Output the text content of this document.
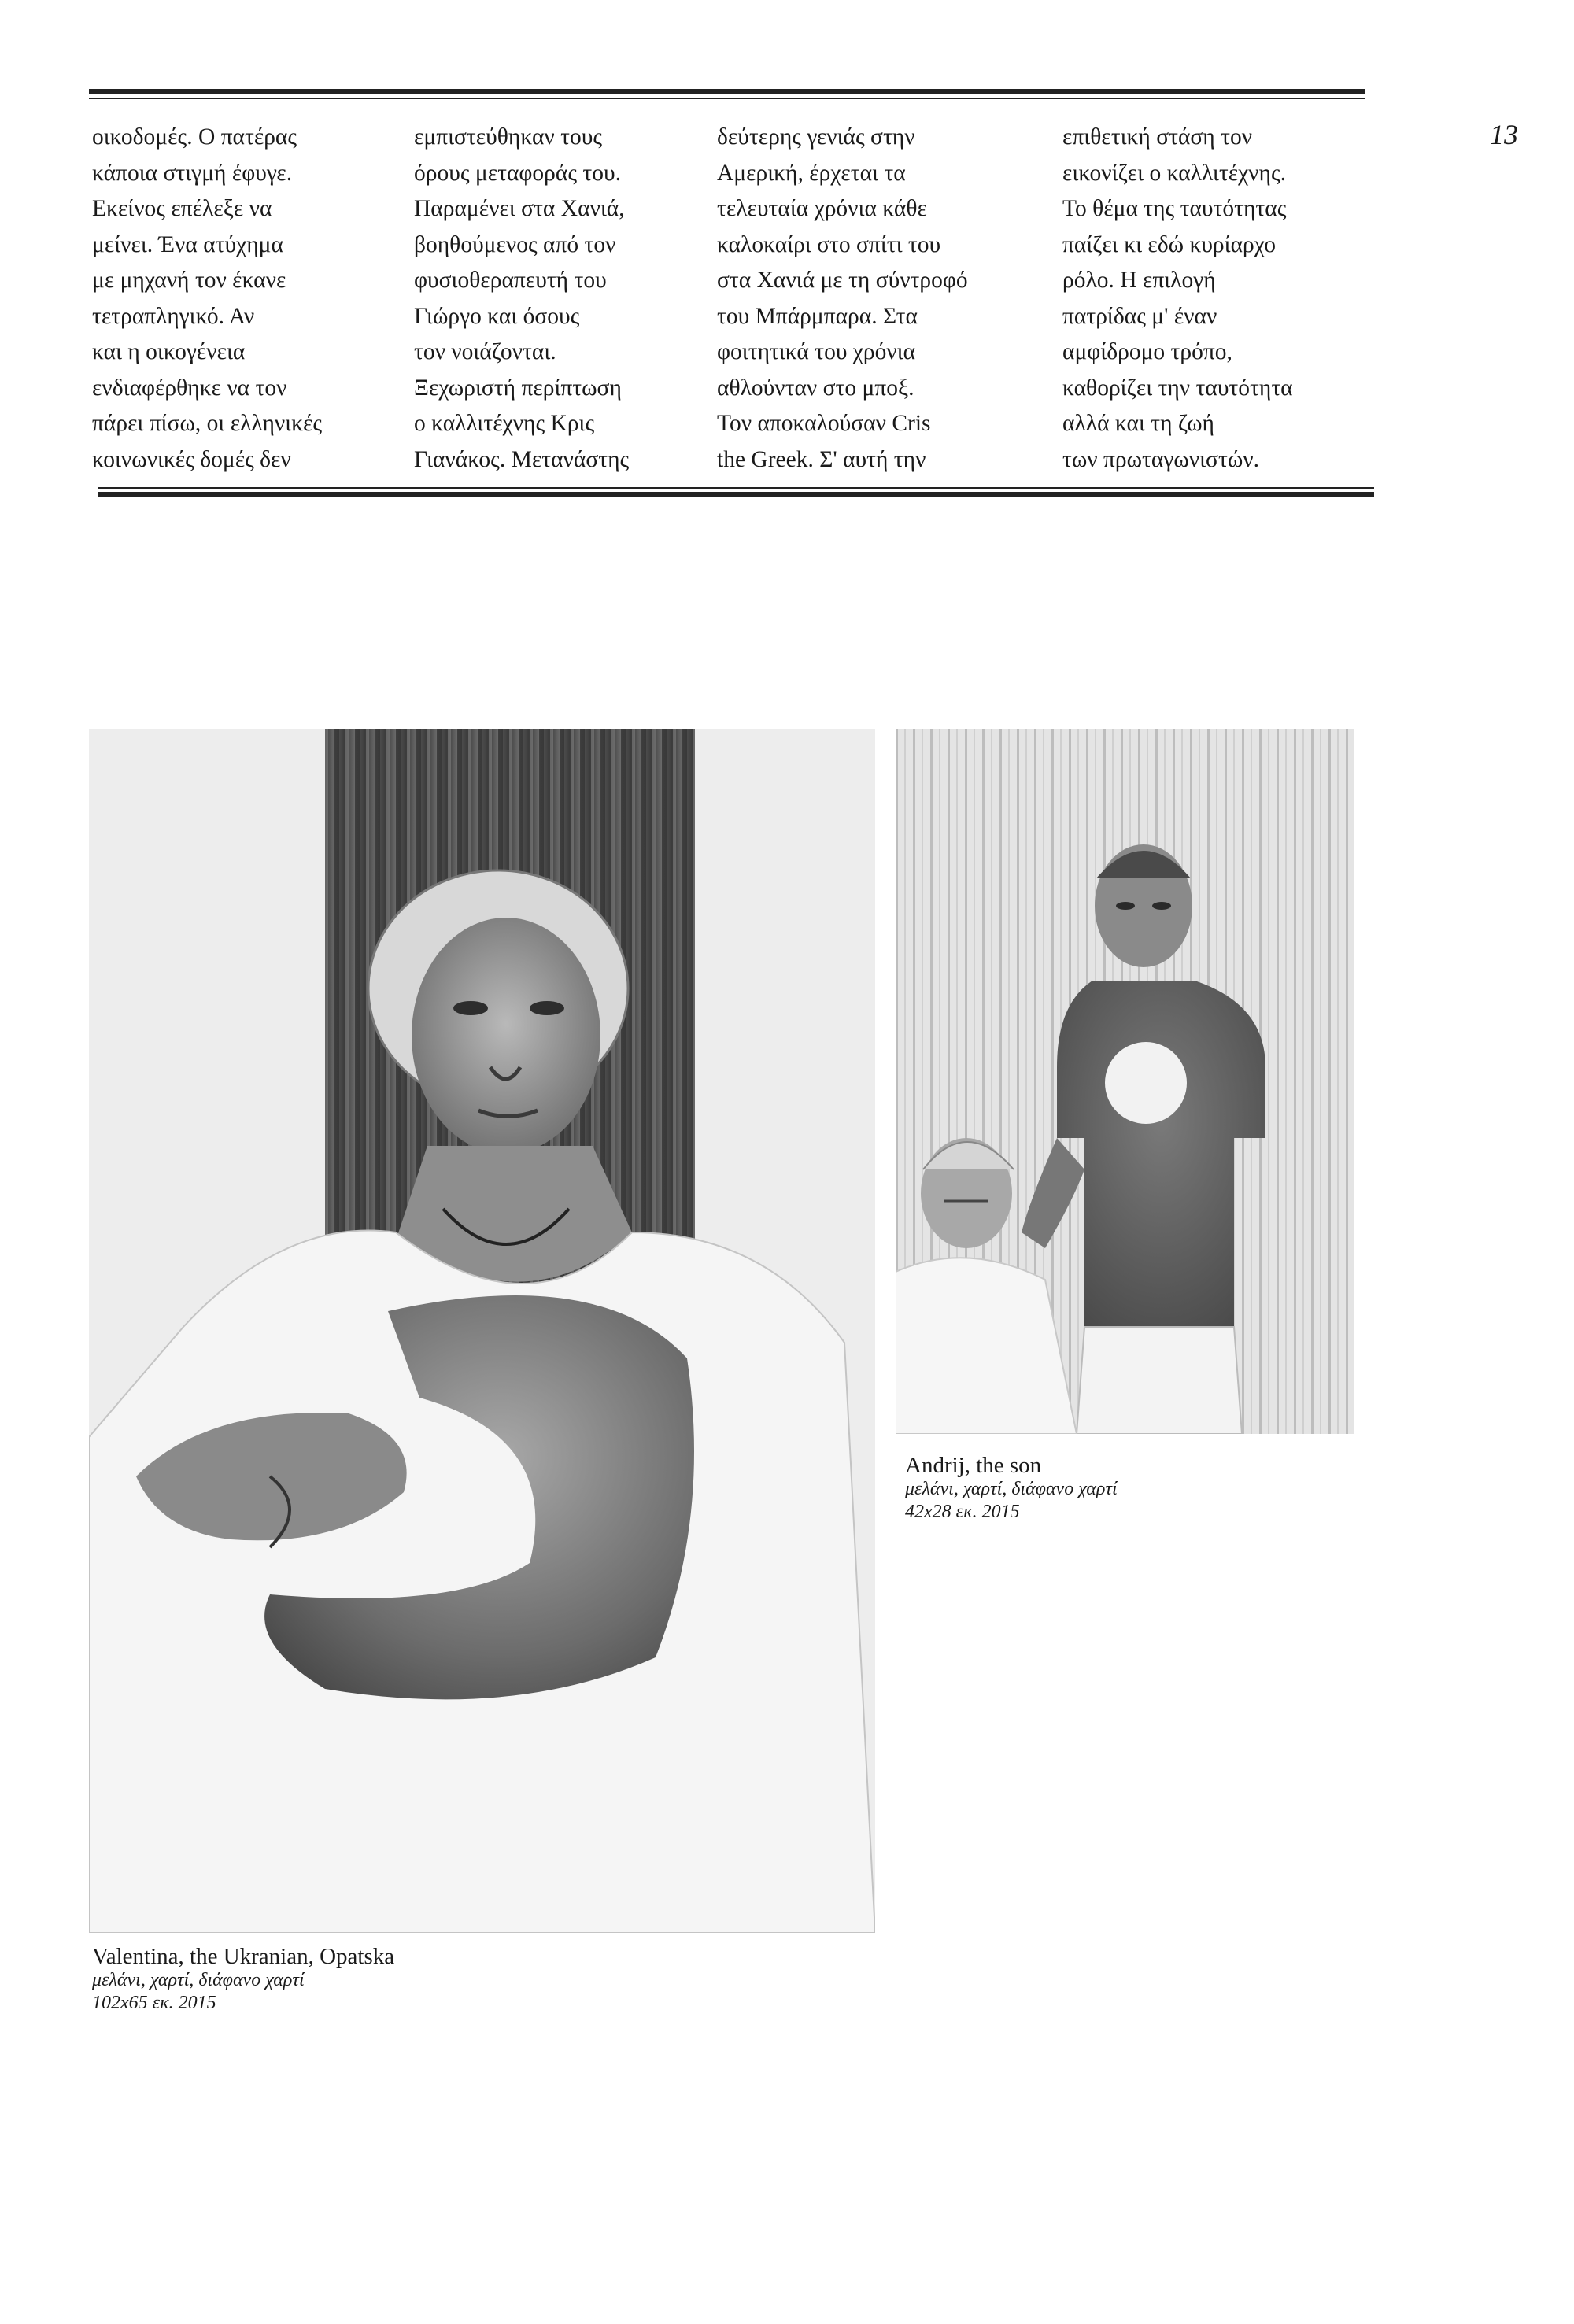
13
οικοδομές. Ο πατέρας
κάποια στιγμή έφυγε.
Εκείνος επέλεξε να
μείνει. Ένα ατύχημα
με μηχανή τον έκανε
τετραπληγικό. Αν
και η οικογένεια
ενδιαφέρθηκε να τον
πάρει πίσω, οι ελληνικές
κοινωνικές δομές δεν
εμπιστεύθηκαν τους
όρους μεταφοράς του.
Παραμένει στα Χανιά,
βοηθούμενος από τον
φυσιοθεραπευτή του
Γιώργο και όσους
τον νοιάζονται.
Ξεχωριστή περίπτωση
ο καλλιτέχνης Κρις
Γιανάκος. Μετανάστης
δεύτερης γενιάς στην
Αμερική, έρχεται τα
τελευταία χρόνια κάθε
καλοκαίρι στο σπίτι του
στα Χανιά με τη σύντροφό
του Μπάρμπαρα. Στα
φοιτητικά του χρόνια
αθλούνταν στο μποξ.
Τον αποκαλούσαν Cris
the Greek. Σ' αυτή την
επιθετική στάση τον
εικονίζει ο καλλιτέχνης.
Το θέμα της ταυτότητας
παίζει κι εδώ κυρίαρχο
ρόλο. Η επιλογή
πατρίδας μ' έναν
αμφίδρομο τρόπο,
καθορίζει την ταυτότητα
αλλά και τη ζωή
των πρωταγωνιστών.
Valentina, the Ukranian, Opatska
μελάνι, χαρτί, διάφανο χαρτί
102x65 εκ. 2015
Andrij, the son
μελάνι, χαρτί, διάφανο χαρτί
42x28 εκ. 2015
